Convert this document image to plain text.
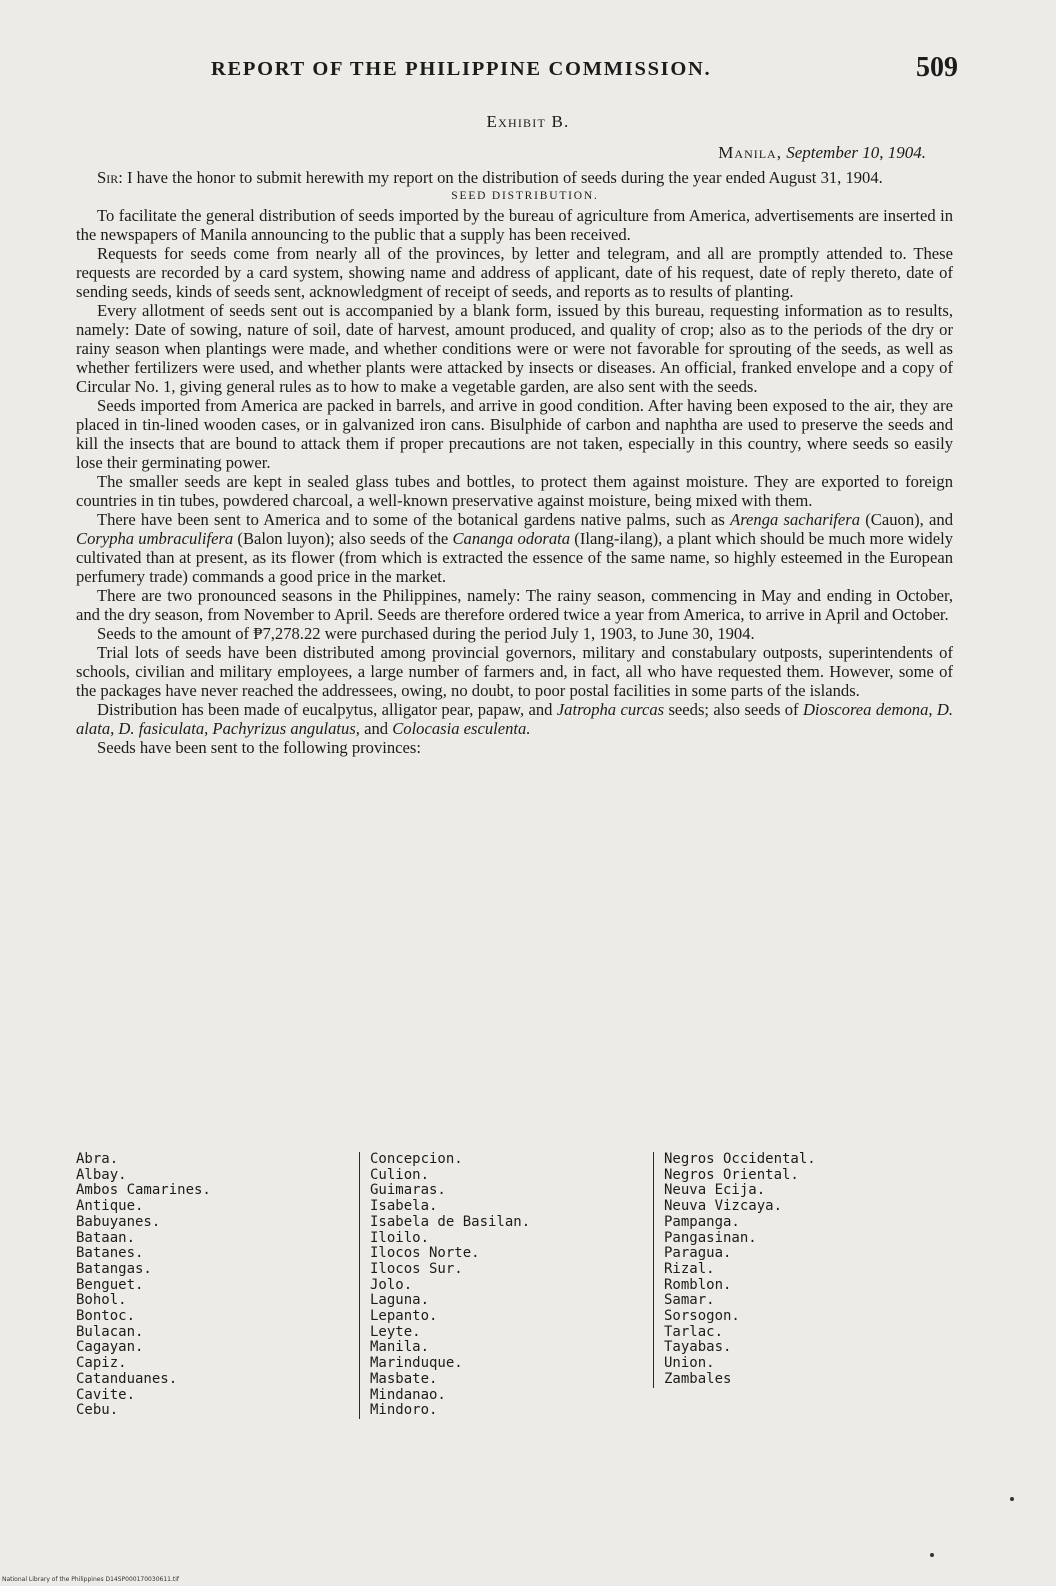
REPORT OF THE PHILIPPINE COMMISSION.	509
Exhibit B.
Manila, September 10, 1904.

Sir: I have the honor to submit herewith my report on the distribution of seeds during the year ended August 31, 1904.

SEED DISTRIBUTION.

To facilitate the general distribution of seeds imported by the bureau of agriculture from America, advertisements are inserted in the newspapers of Manila announcing to the public that a supply has been received.

Requests for seeds come from nearly all of the provinces, by letter and telegram, and all are promptly attended to. These requests are recorded by a card system, showing name and address of applicant, date of his request, date of reply thereto, date of sending seeds, kinds of seeds sent, acknowledgment of receipt of seeds, and reports as to results of planting.

Every allotment of seeds sent out is accompanied by a blank form, issued by this bureau, requesting information as to results, namely: Date of sowing, nature of soil, date of harvest, amount produced, and quality of crop; also as to the periods of the dry or rainy season when plantings were made, and whether conditions were or were not favorable for sprouting of the seeds, as well as whether fertilizers were used, and whether plants were attacked by insects or diseases. An official, franked envelope and a copy of Circular No. 1, giving general rules as to how to make a vegetable garden, are also sent with the seeds.

Seeds imported from America are packed in barrels, and arrive in good condition. After having been exposed to the air, they are placed in tin-lined wooden cases, or in galvanized iron cans. Bisulphide of carbon and naphtha are used to preserve the seeds and kill the insects that are bound to attack them if proper precautions are not taken, especially in this country, where seeds so easily lose their germinating power.

The smaller seeds are kept in sealed glass tubes and bottles, to protect them against moisture. They are exported to foreign countries in tin tubes, powdered charcoal, a well-known preservative against moisture, being mixed with them.

There have been sent to America and to some of the botanical gardens native palms, such as Arenga sacharifera (Cauon), and Corypha umbraculifera (Balon luyon); also seeds of the Cananga odorata (Ilang-ilang), a plant which should be much more widely cultivated than at present, as its flower (from which is extracted the essence of the same name, so highly esteemed in the European perfumery trade) commands a good price in the market.

There are two pronounced seasons in the Philippines, namely: The rainy season, commencing in May and ending in October, and the dry season, from November to April. Seeds are therefore ordered twice a year from America, to arrive in April and October.

Seeds to the amount of ₱7,278.22 were purchased during the period July 1, 1903, to June 30, 1904.

Trial lots of seeds have been distributed among provincial governors, military and constabulary outposts, superintendents of schools, civilian and military employees, a large number of farmers and, in fact, all who have requested them. However, some of the packages have never reached the addressees, owing, no doubt, to poor postal facilities in some parts of the islands.

Distribution has been made of eucalpytus, alligator pear, papaw, and Jatropha curcas seeds; also seeds of Dioscorea demona, D. alata, D. fasiculata, Pachyrizus angulatus, and Colocasia esculenta.

Seeds have been sent to the following provinces:

Abra.
Albay.
Ambos Camarines.
Antique.
Babuyanes.
Bataan.
Batanes.
Batangas.
Benguet.
Bohol.
Bontoc.
Bulacan.
Cagayan.
Capiz.
Catanduanes.
Cavite.
Cebu.
Concepcion.
Culion.
Guimaras.
Isabela.
Isabela de Basilan.
Iloilo.
Ilocos Norte.
Ilocos Sur.
Jolo.
Laguna.
Lepanto.
Leyte.
Manila.
Marinduque.
Masbate.
Mindanao.
Mindoro.
Negros Occidental.
Negros Oriental.
Neuva Ecija.
Neuva Vizcaya.
Pampanga.
Pangasinan.
Paragua.
Rizal.
Romblon.
Samar.
Sorsogon.
Tarlac.
Tayabas.
Union.
Zambales
National Library of the Philippines D14SP000170030611.tif
